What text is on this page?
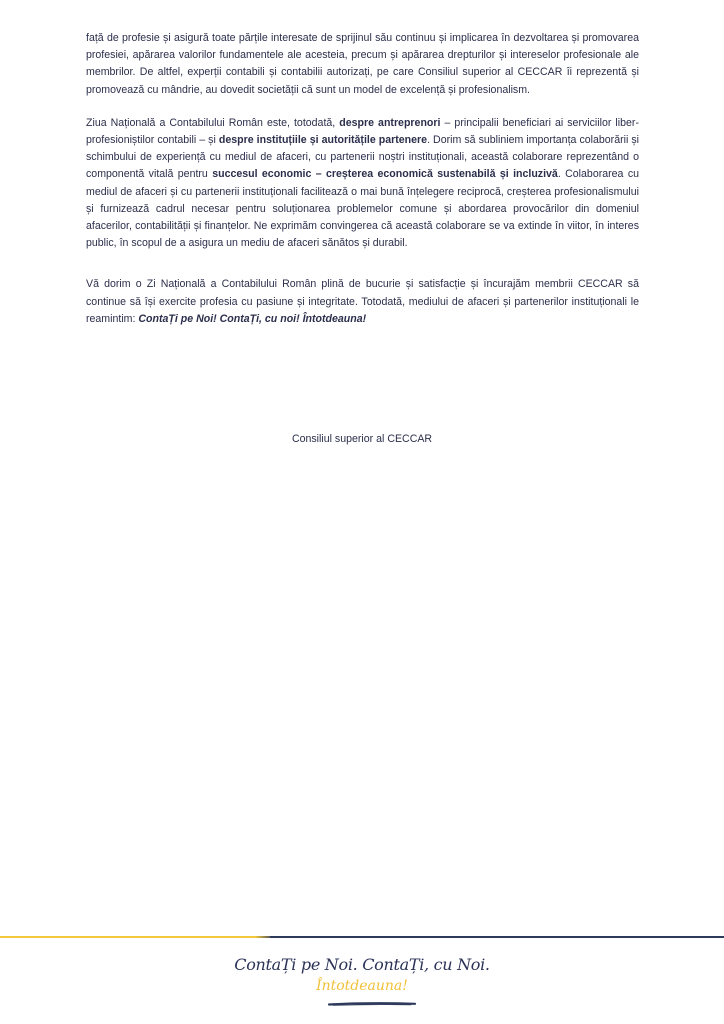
față de profesie și asigură toate părțile interesate de sprijinul său continuu și implicarea în dezvoltarea și promovarea profesiei, apărarea valorilor fundamentele ale acesteia, precum și apărarea drepturilor și intereselor profesionale ale membrilor. De altfel, experții contabili și contabilii autorizați, pe care Consiliul superior al CECCAR îi reprezentă și promovează cu mândrie, au dovedit societății că sunt un model de excelență și profesionalism.

Ziua Națională a Contabilului Român este, totodată, despre antreprenori – principalii beneficiari ai serviciilor liber-profesioniștilor contabili – și despre instituțiile și autoritățile partenere. Dorim să subliniem importanța colaborării și schimbului de experiență cu mediul de afaceri, cu partenerii noștri instituționali, această colaborare reprezentând o componentă vitală pentru succesul economic – creșterea economică sustenabilă și incluzivă. Colaborarea cu mediul de afaceri și cu partenerii instituționali facilitează o mai bună înțelegere reciprocă, creșterea profesionalismului și furnizează cadrul necesar pentru soluționarea problemelor comune și abordarea provocărilor din domeniul afacerilor, contabilității și finanțelor. Ne exprimăm convingerea că această colaborare se va extinde în viitor, în interes public, în scopul de a asigura un mediu de afaceri sănătos și durabil.

Vă dorim o Zi Națională a Contabilului Român plină de bucurie și satisfacție și încurajăm membrii CECCAR să continue să își exercite profesia cu pasiune și integritate. Totodată, mediului de afaceri și partenerilor instituționali le reamintim: ContaȚi pe Noi! ContaȚi, cu noi! Întotdeauna!

Consiliul superior al CECCAR
ContaȚi pe Noi. ContaȚi, cu Noi.
Întotdeauna!
